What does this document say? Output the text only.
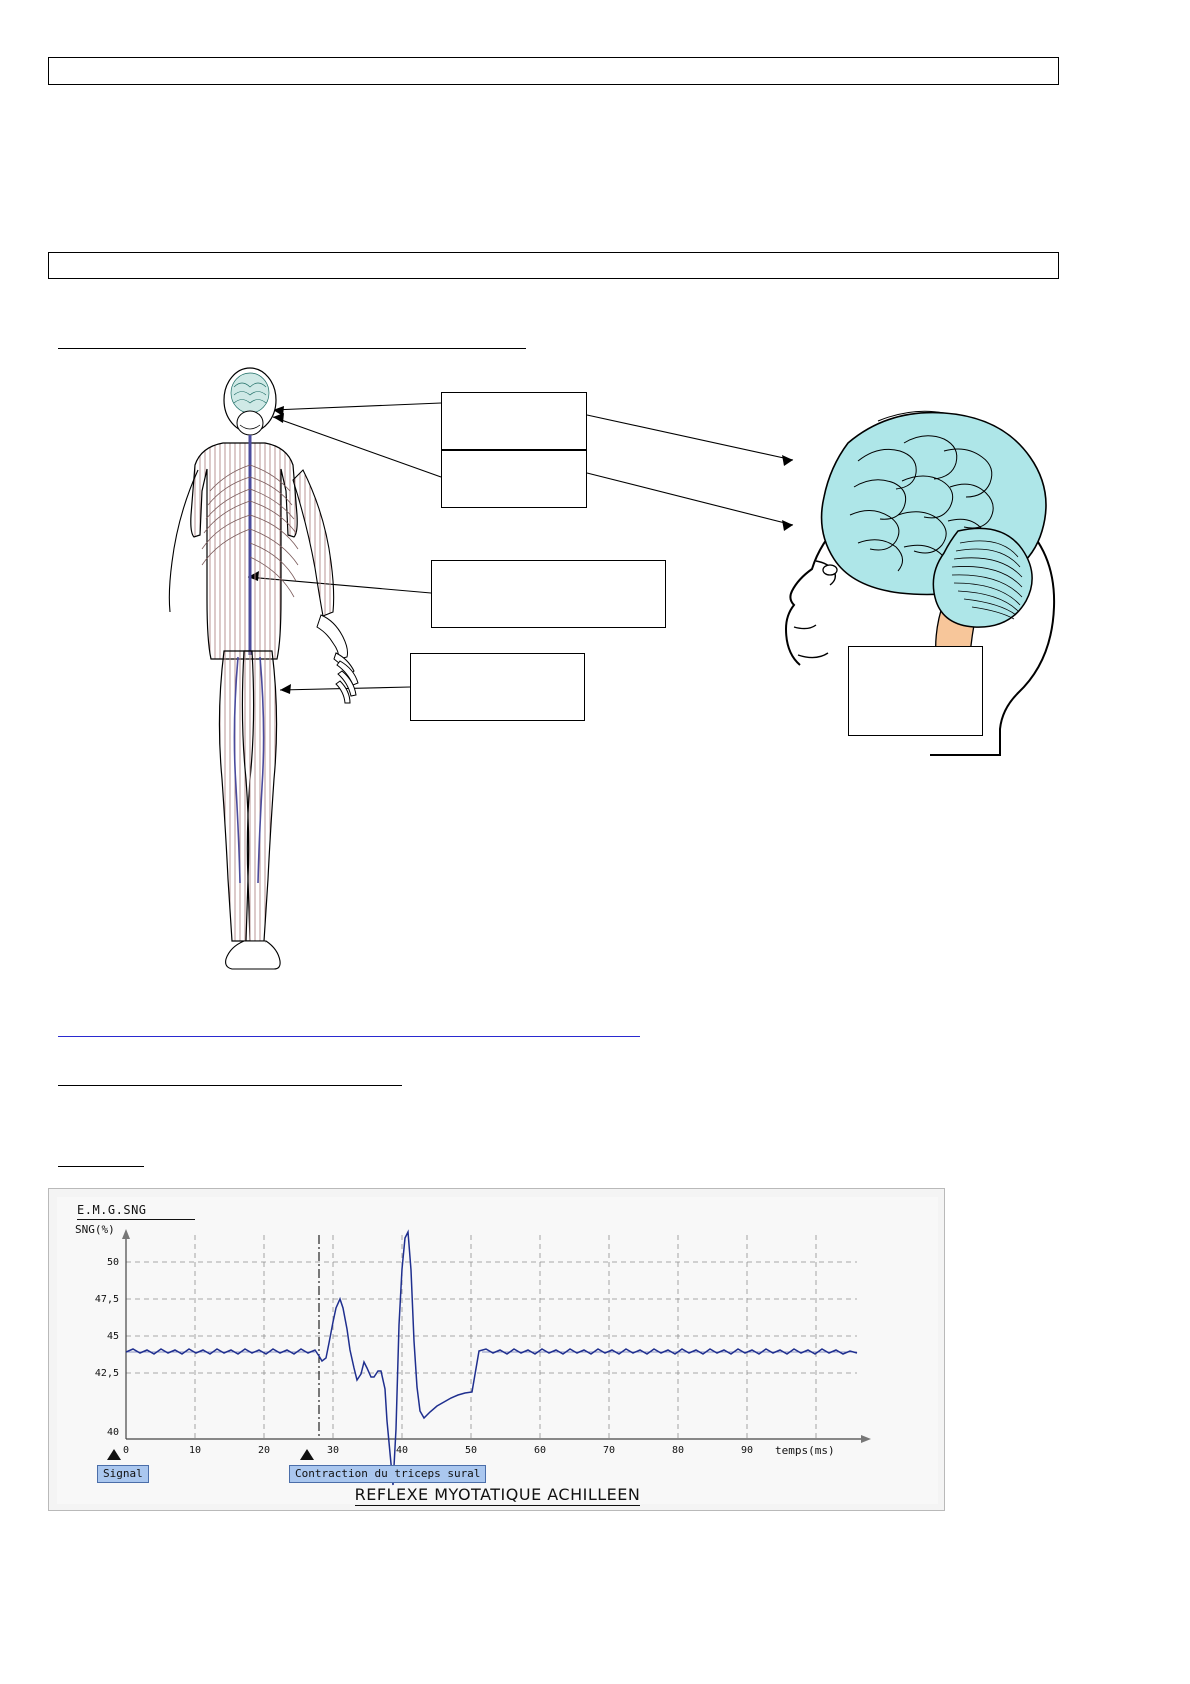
E.M.G.SNG
SNG(%)
50
47,5
45
42,5
40
0	10	20	30	40	50	60	70	80	90	temps(ms)
Signal	Contraction du triceps sural
REFLEXE MYOTATIQUE ACHILLEEN
